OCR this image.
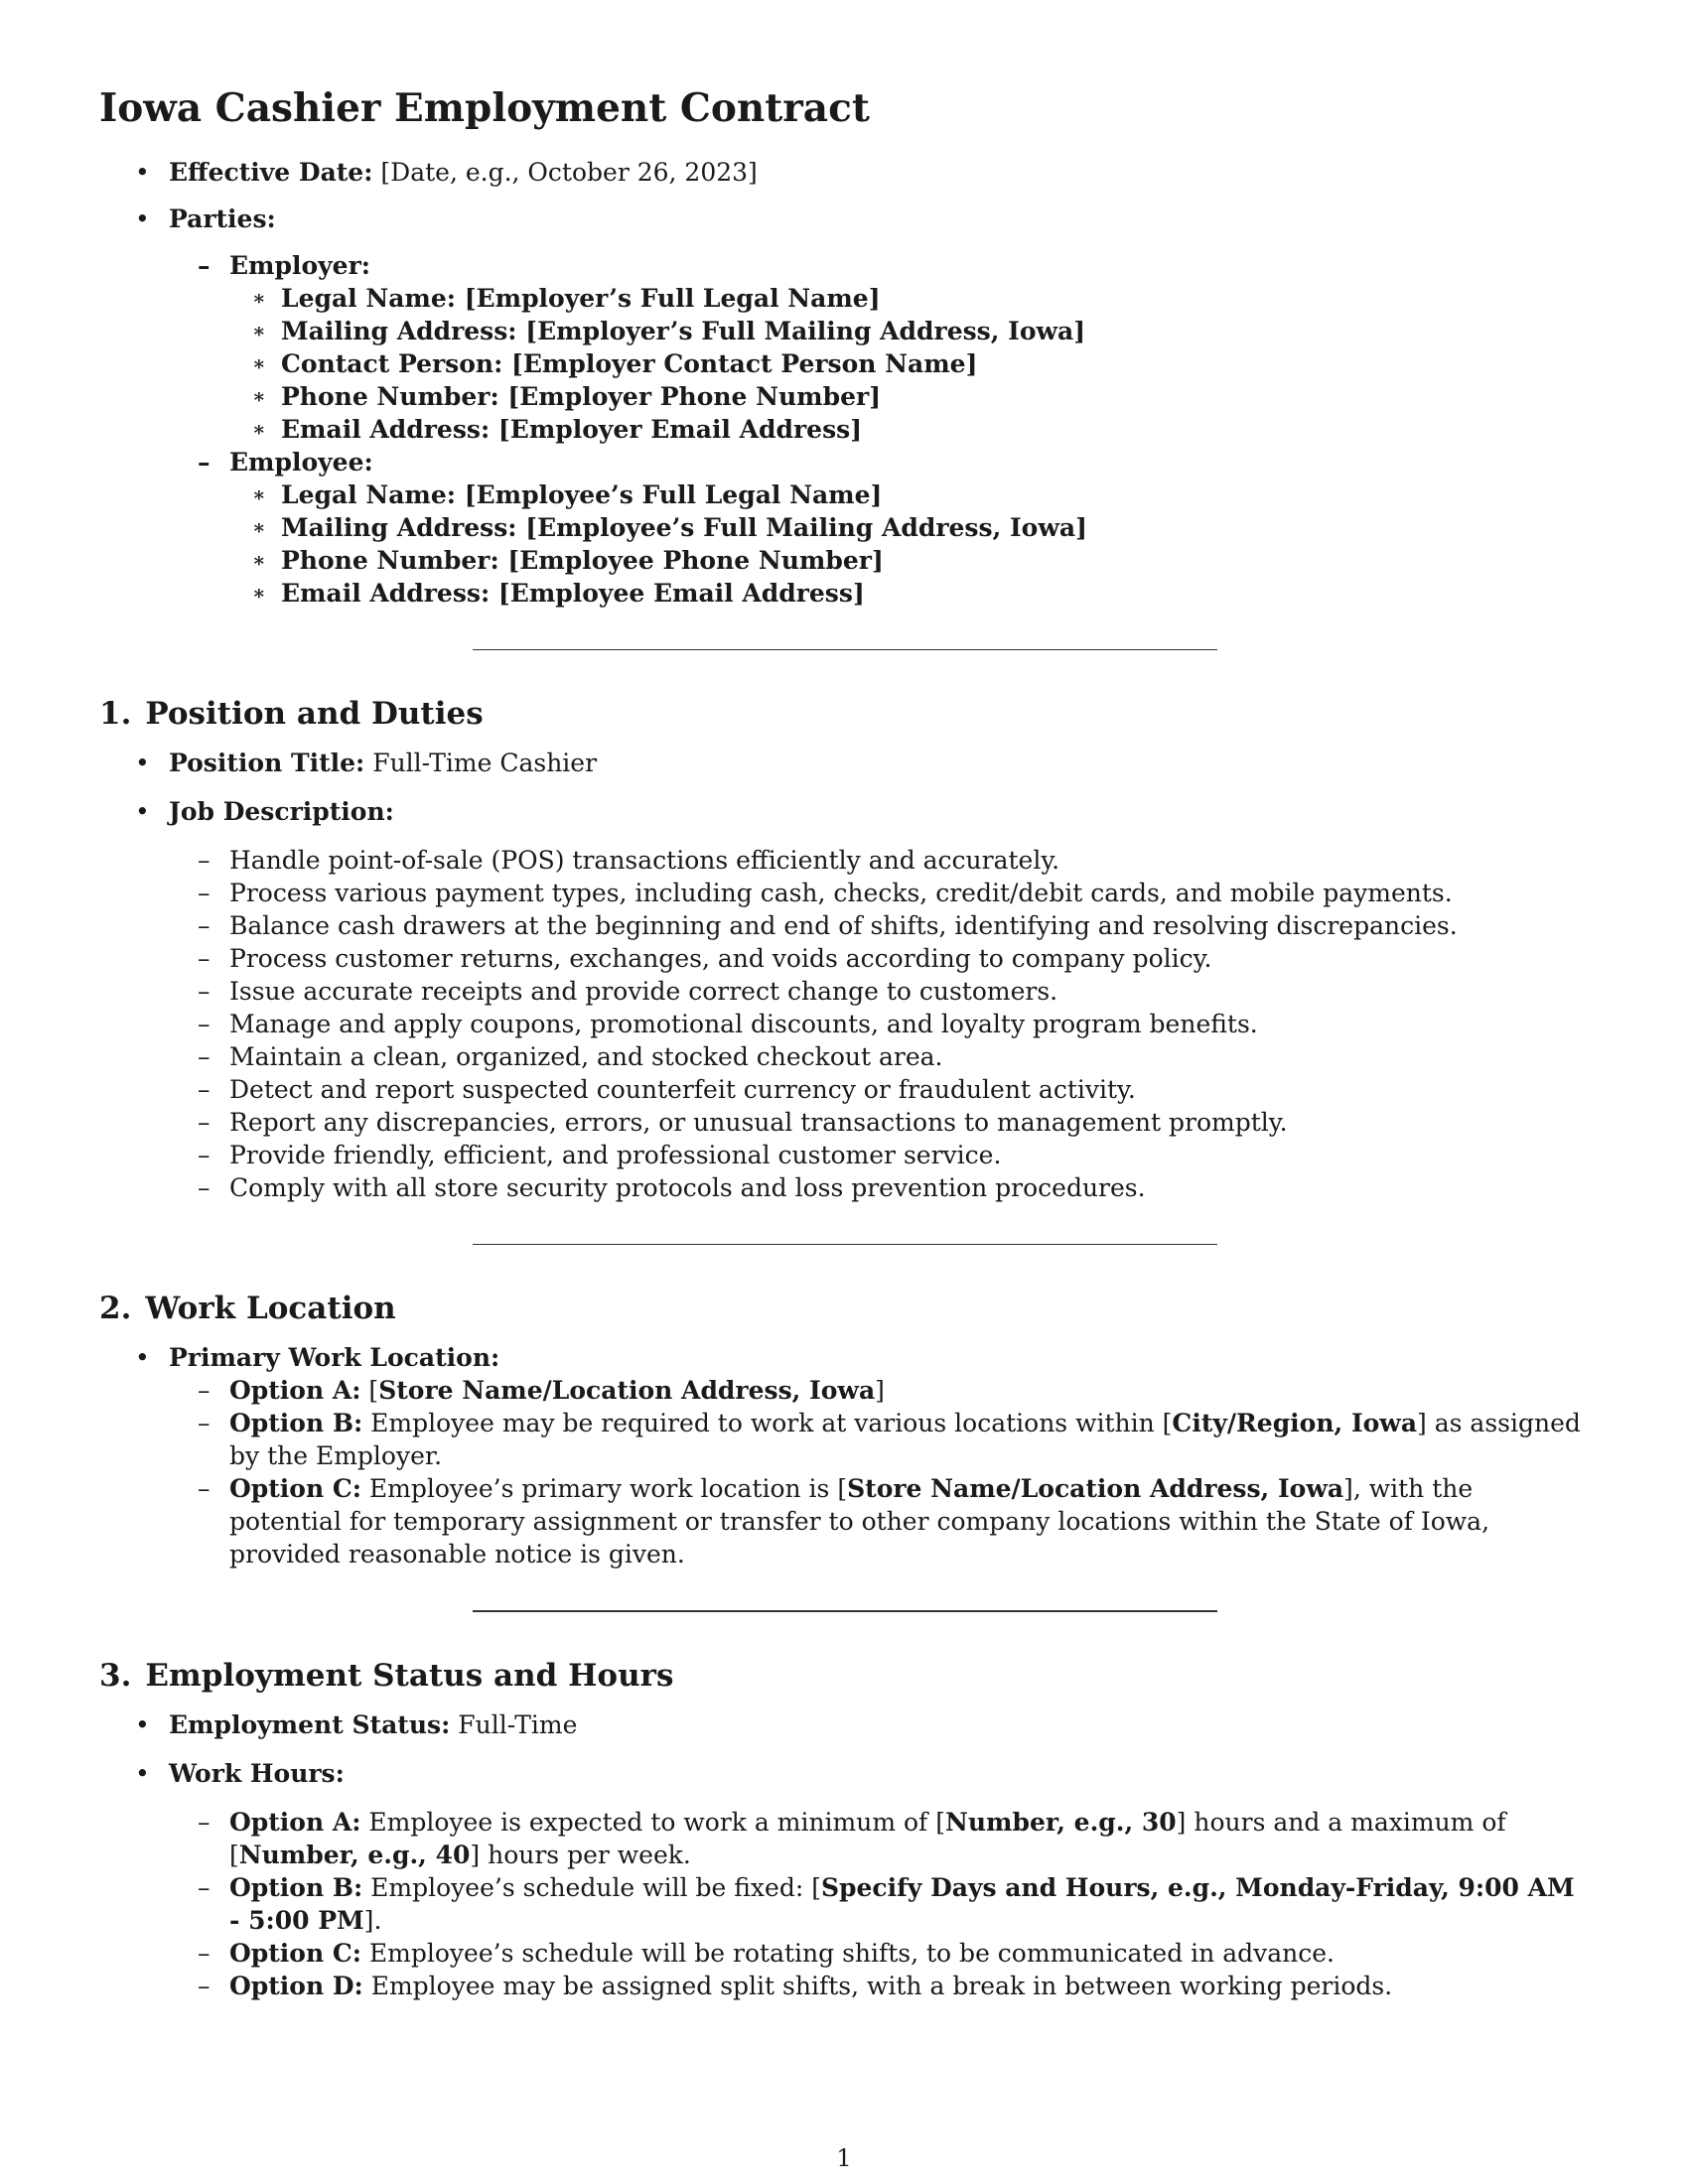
Iowa Cashier Employment Contract
• Effective Date: [Date, e.g., October 26, 2023]
• Parties:
– Employer:
∗ Legal Name: [Employer’s Full Legal Name]
∗ Mailing Address: [Employer’s Full Mailing Address, Iowa]
∗ Contact Person: [Employer Contact Person Name]
∗ Phone Number: [Employer Phone Number]
∗ Email Address: [Employer Email Address]
– Employee:
∗ Legal Name: [Employee’s Full Legal Name]
∗ Mailing Address: [Employee’s Full Mailing Address, Iowa]
∗ Phone Number: [Employee Phone Number]
∗ Email Address: [Employee Email Address]
1. Position and Duties
• Position Title: Full-Time Cashier
• Job Description:
– Handle point-of-sale (POS) transactions efficiently and accurately.
– Process various payment types, including cash, checks, credit/debit cards, and mobile payments.
– Balance cash drawers at the beginning and end of shifts, identifying and resolving discrepancies.
– Process customer returns, exchanges, and voids according to company policy.
– Issue accurate receipts and provide correct change to customers.
– Manage and apply coupons, promotional discounts, and loyalty program benefits.
– Maintain a clean, organized, and stocked checkout area.
– Detect and report suspected counterfeit currency or fraudulent activity.
– Report any discrepancies, errors, or unusual transactions to management promptly.
– Provide friendly, efficient, and professional customer service.
– Comply with all store security protocols and loss prevention procedures.
2. Work Location
• Primary Work Location:
– Option A: [Store Name/Location Address, Iowa]
– Option B: Employee may be required to work at various locations within [City/Region, Iowa] as assigned by the Employer.
– Option C: Employee’s primary work location is [Store Name/Location Address, Iowa], with the potential for temporary assignment or transfer to other company locations within the State of Iowa, provided reasonable notice is given.
3. Employment Status and Hours
• Employment Status: Full-Time
• Work Hours:
– Option A: Employee is expected to work a minimum of [Number, e.g., 30] hours and a maximum of [Number, e.g., 40] hours per week.
– Option B: Employee’s schedule will be fixed: [Specify Days and Hours, e.g., Monday-Friday, 9:00 AM - 5:00 PM].
– Option C: Employee’s schedule will be rotating shifts, to be communicated in advance.
– Option D: Employee may be assigned split shifts, with a break in between working periods.
1
